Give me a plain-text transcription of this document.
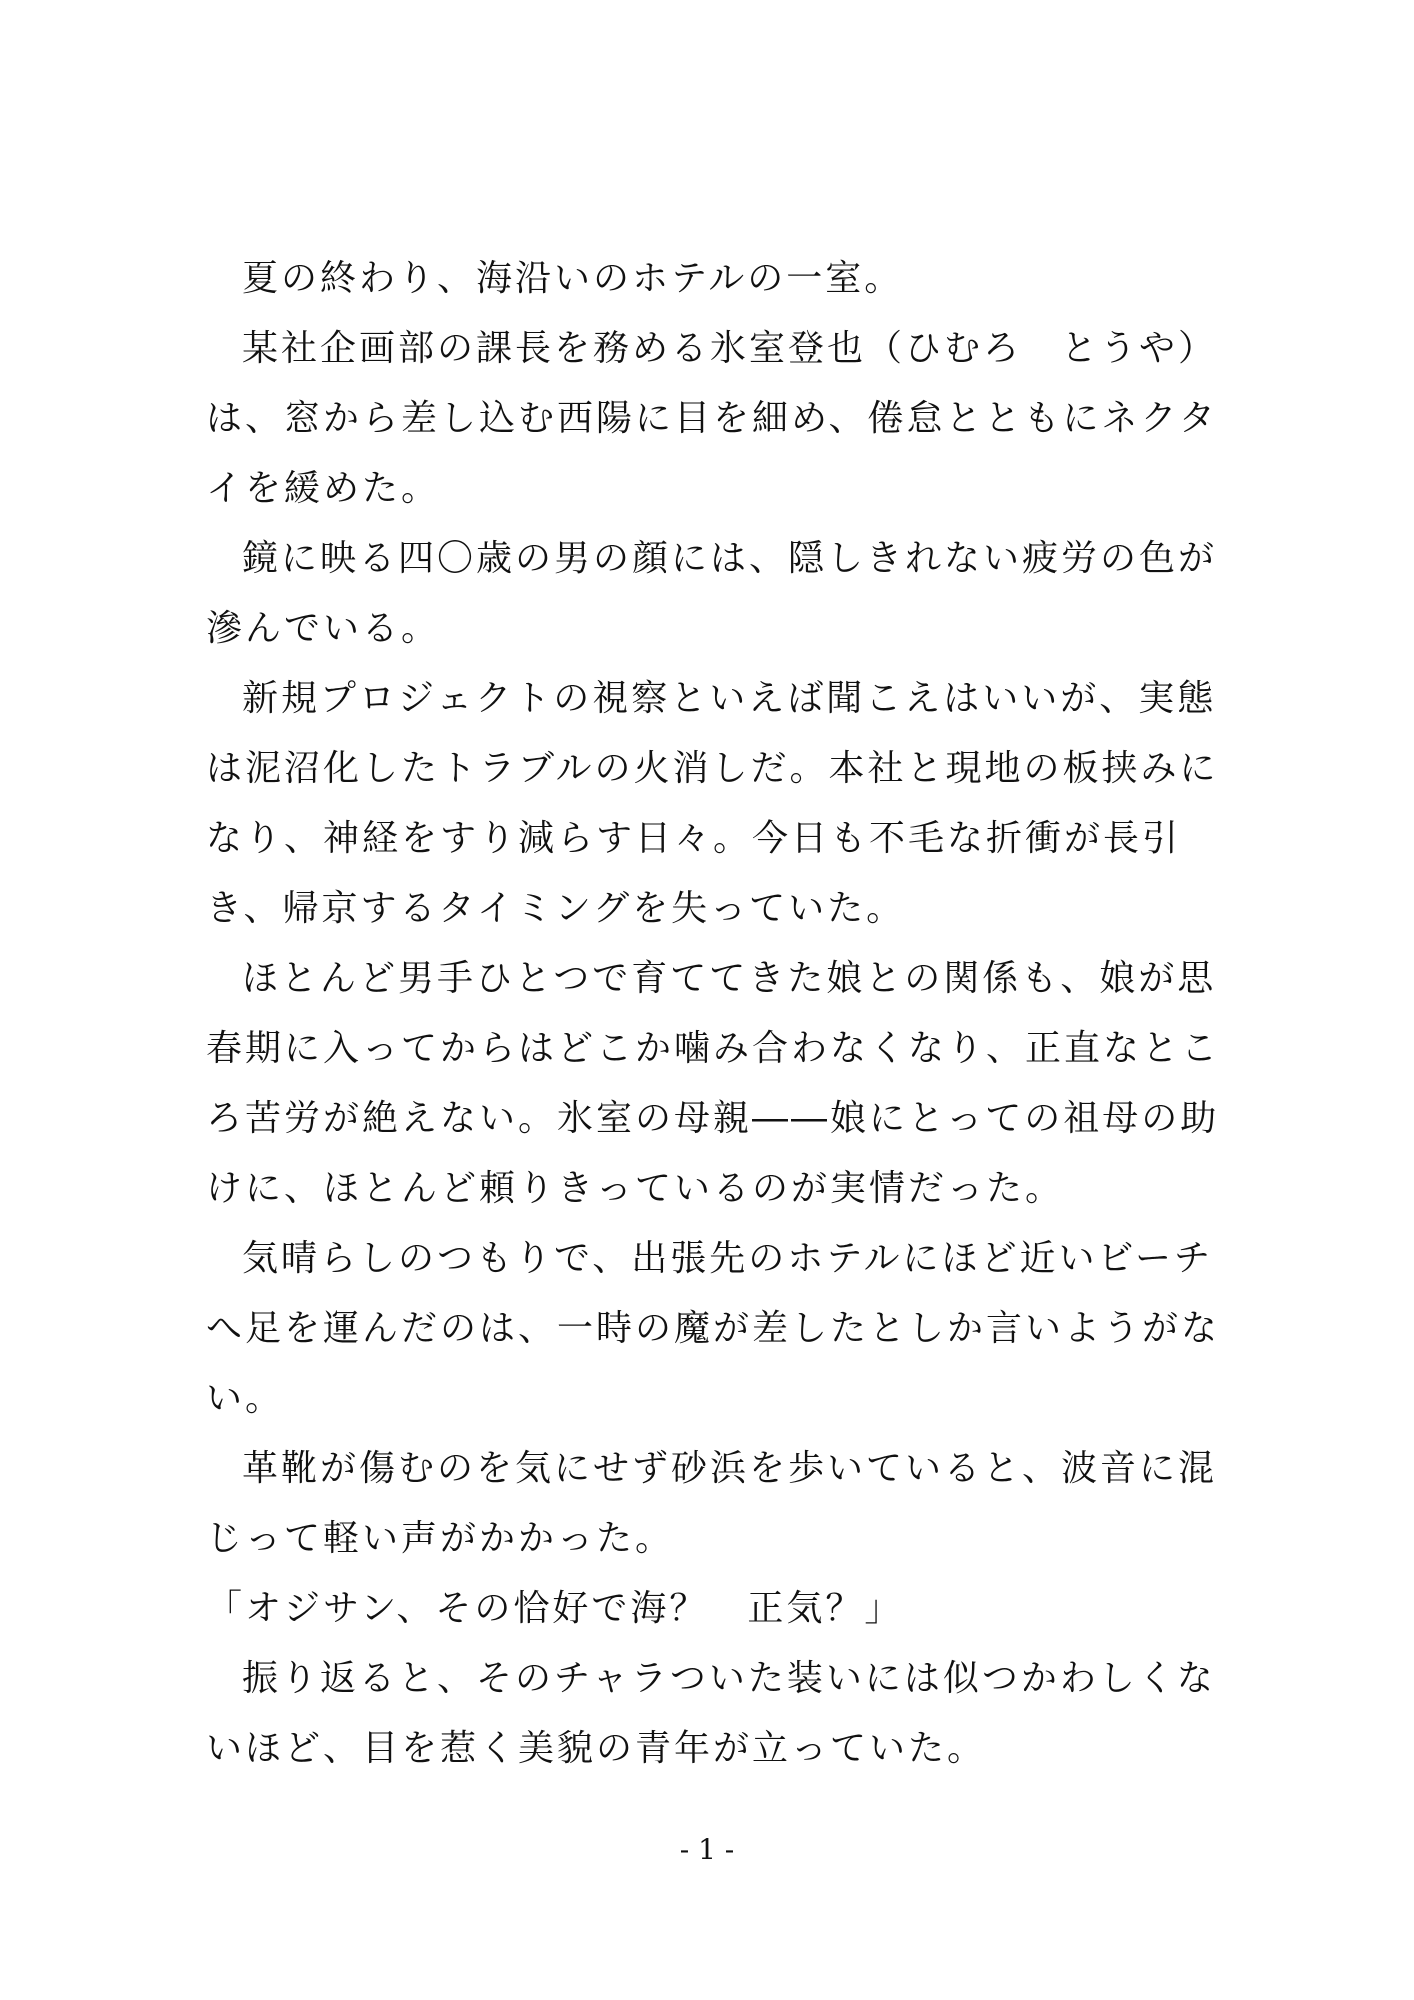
夏の終わり、海沿いのホテルの一室。

某社企画部の課長を務める氷室登也（ひむろ　とうや）は、窓から差し込む西陽に目を細め、倦怠とともにネクタイを緩めた。

鏡に映る四〇歳の男の顔には、隠しきれない疲労の色が滲んでいる。

新規プロジェクトの視察といえば聞こえはいいが、実態は泥沼化したトラブルの火消しだ。本社と現地の板挟みになり、神経をすり減らす日々。今日も不毛な折衝が長引き、帰京するタイミングを失っていた。

ほとんど男手ひとつで育ててきた娘との関係も、娘が思春期に入ってからはどこか噛み合わなくなり、正直なところ苦労が絶えない。氷室の母親――娘にとっての祖母の助けに、ほとんど頼りきっているのが実情だった。

気晴らしのつもりで、出張先のホテルにほど近いビーチへ足を運んだのは、一時の魔が差したとしか言いようがない。

革靴が傷むのを気にせず砂浜を歩いていると、波音に混じって軽い声がかかった。

「オジサン、その恰好で海？　正気？」

振り返ると、そのチャラついた装いには似つかわしくないほど、目を惹く美貌の青年が立っていた。

- 1 -
